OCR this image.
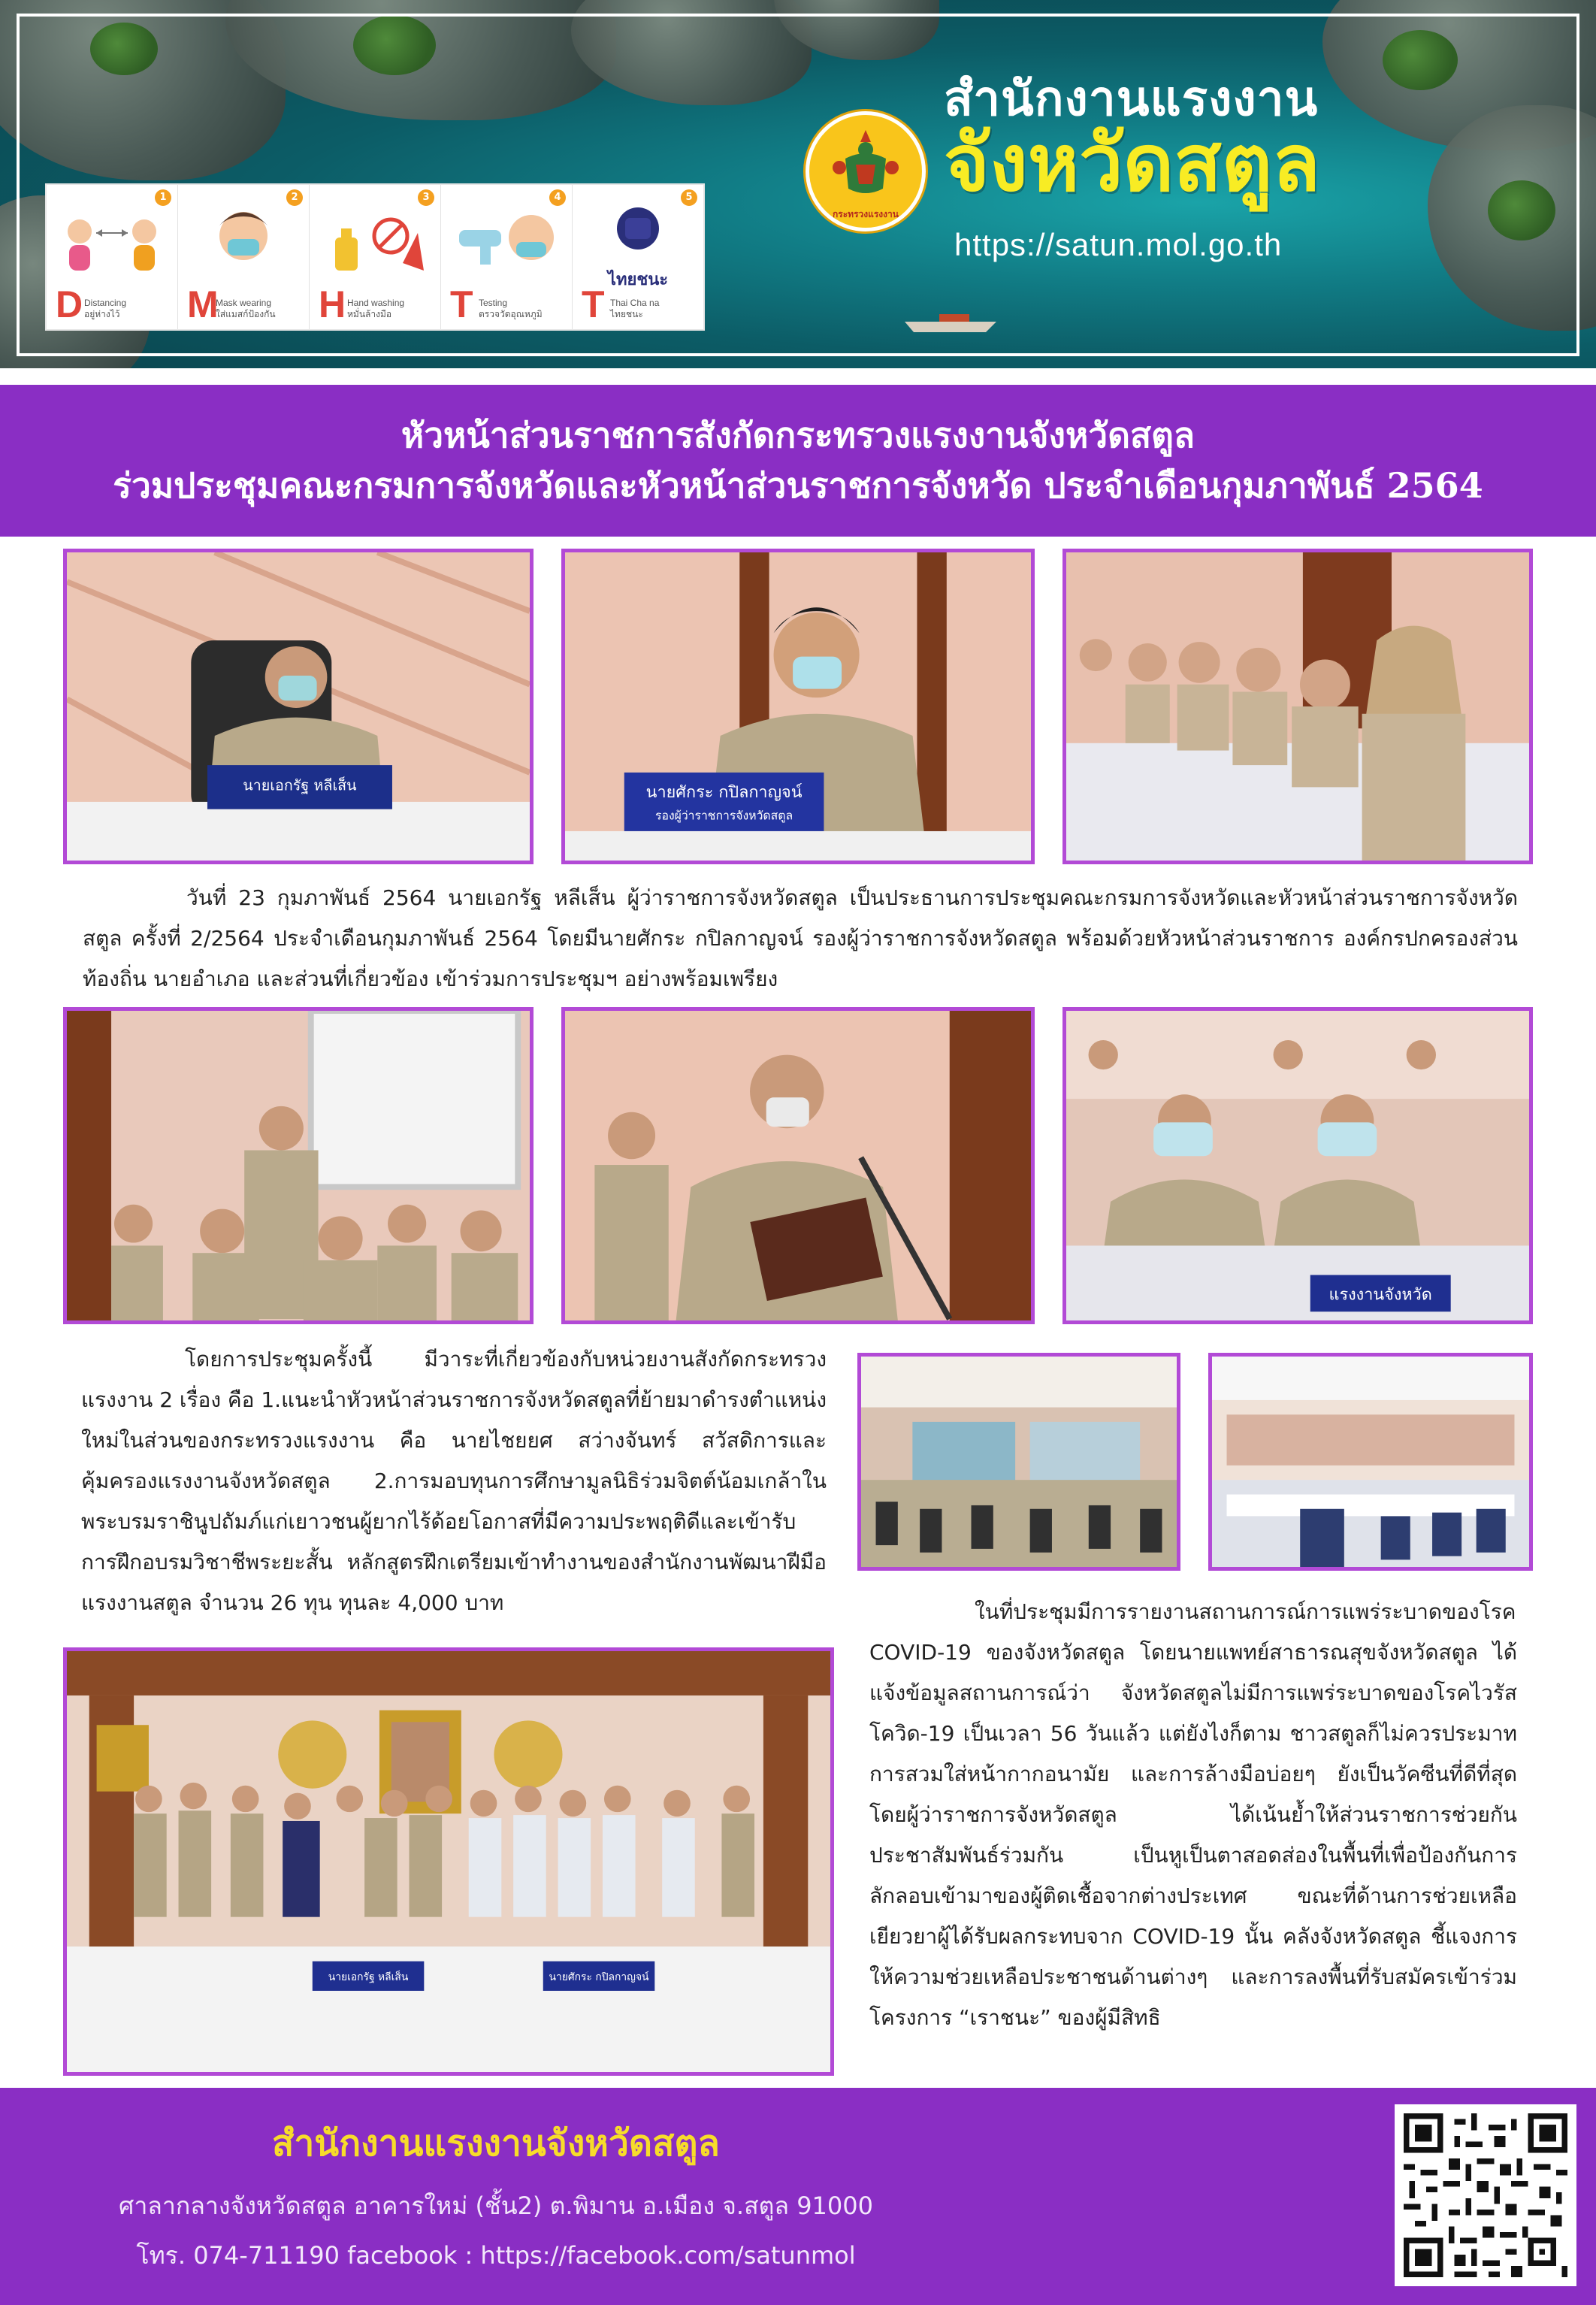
1
D Distancing
อยู่ห่างไว้
2
M
Mask wearing
ใส่แมสก์ป้องกัน
3
H Hand washing
หมั่นล้างมือ
4
T Testing
ตรวจวัดอุณหภูมิ
5
ไทยชนะ
T Thai Cha na
ไทยชนะ
กระทรวงแรงงาน
สำนักงานแรงงาน
จังหวัดสตูล
https://satun.mol.go.th
หัวหน้าส่วนราชการสังกัดกระทรวงแรงงานจังหวัดสตูล
ร่วมประชุมคณะกรมการจังหวัดและหัวหน้าส่วนราชการจังหวัด ประจำเดือนกุมภาพันธ์ 2564
นายเอกรัฐ หลีเส็น	นายศักระ กปิลกาญจน์
รองผู้ว่าราชการจังหวัดสตูล
วันที่ 23 กุมภาพันธ์ 2564 นายเอกรัฐ หลีเส็น ผู้ว่าราชการจังหวัดสตูล เป็นประธานการประชุมคณะกรมการจังหวัดและหัวหน้าส่วนราชการจังหวัดสตูล ครั้งที่ 2/2564 ประจำเดือนกุมภาพันธ์ 2564 โดยมีนายศักระ กปิลกาญจน์ รองผู้ว่าราชการจังหวัดสตูล พร้อมด้วยหัวหน้าส่วนราชการ องค์กรปกครองส่วนท้องถิ่น นายอำเภอ และส่วนที่เกี่ยวข้อง เข้าร่วมการประชุมฯ อย่างพร้อมเพรียง
แรงงานจังหวัด
โดยการประชุมครั้งนี้ มีวาระที่เกี่ยวข้องกับหน่วยงานสังกัดกระทรวงแรงงาน 2 เรื่อง คือ 1.แนะนำหัวหน้าส่วนราชการจังหวัดสตูลที่ย้ายมาดำรงตำแหน่งใหม่ในส่วนของกระทรวงแรงงาน คือ นายไชยยศ สว่างจันทร์ สวัสดิการและคุ้มครองแรงงานจังหวัดสตูล 2.การมอบทุนการศึกษามูลนิธิร่วมจิตต์น้อมเกล้าในพระบรมราชินูปถัมภ์แก่เยาวชนผู้ยากไร้ด้อยโอกาสที่มีความประพฤติดีและเข้ารับการฝึกอบรมวิชาชีพระยะสั้น หลักสูตรฝึกเตรียมเข้าทำงานของสำนักงานพัฒนาฝีมือแรงงานสตูล จำนวน 26 ทุน ทุนละ 4,000 บาท
นายเอกรัฐ หลีเส็น	นายศักระ กปิลกาญจน์
ในที่ประชุมมีการรายงานสถานการณ์การแพร่ระบาดของโรค COVID-19 ของจังหวัดสตูล โดยนายแพทย์สาธารณสุขจังหวัดสตูล ได้แจ้งข้อมูลสถานการณ์ว่า จังหวัดสตูลไม่มีการแพร่ระบาดของโรคไวรัสโควิด-19 เป็นเวลา 56 วันแล้ว แต่ยังไงก็ตาม ชาวสตูลก็ไม่ควรประมาทการสวมใส่หน้ากากอนามัย และการล้างมือบ่อยๆ ยังเป็นวัคซีนที่ดีที่สุด โดยผู้ว่าราชการจังหวัดสตูล ได้เน้นย้ำให้ส่วนราชการช่วยกันประชาสัมพันธ์ร่วมกัน เป็นหูเป็นตาสอดส่องในพื้นที่เพื่อป้องกันการลักลอบเข้ามาของผู้ติดเชื้อจากต่างประเทศ ขณะที่ด้านการช่วยเหลือเยียวยาผู้ได้รับผลกระทบจาก COVID-19 นั้น คลังจังหวัดสตูล ชี้แจงการให้ความช่วยเหลือประชาชนด้านต่างๆ และการลงพื้นที่รับสมัครเข้าร่วมโครงการ “เราชนะ” ของผู้มีสิทธิ
สำนักงานแรงงานจังหวัดสตูล
ศาลากลางจังหวัดสตูล อาคารใหม่ (ชั้น2) ต.พิมาน อ.เมือง จ.สตูล 91000
โทร. 074-711190 facebook : https://facebook.com/satunmol
